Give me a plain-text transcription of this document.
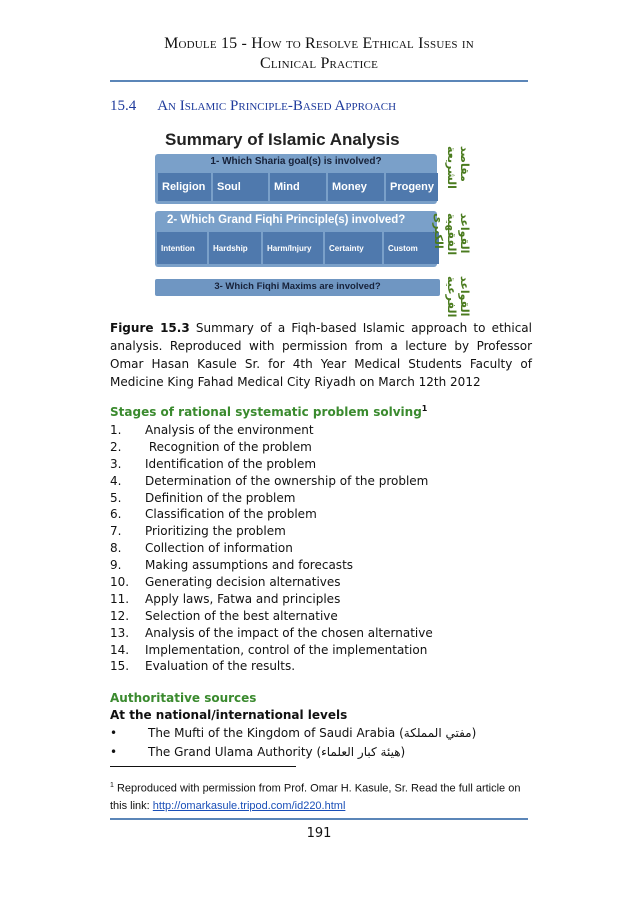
Module 15 - How to Resolve Ethical Issues in
Clinical Practice
15.4 An Islamic Principle-Based Approach
Summary of Islamic Analysis
1- Which Sharia goal(s) is involved?
Religion	Soul	Mind	Money	Progeny
مقاصد الشريعة
2- Which Grand Fiqhi Principle(s) involved?
Intention	Hardship	Harm/Injury	Certainty	Custom	القواعد الفقهية الكبرى
3- Which Fiqhi Maxims are involved?	القواعد الفرعية
Figure 15.3 Summary of a Fiqh-based Islamic approach to ethical analysis. Reproduced with permission from a lecture by Professor Omar Hasan Kasule Sr. for 4th Year Medical Students Faculty of Medicine King Fahad Medical City Riyadh on March 12th 2012
Stages of rational systematic problem solving$^1$
1.	Analysis of the environment
2.	Recognition of the problem
3.	Identification of the problem
4.	Determination of the ownership of the problem
5.	Definition of the problem
6.	Classification of the problem
7.	Prioritizing the problem
8.	Collection of information
9.	Making assumptions and forecasts
10.	Generating decision alternatives
11.	Apply laws, Fatwa and principles
12.	Selection of the best alternative
13.	Analysis of the impact of the chosen alternative
14.	Implementation, control of the implementation
15.	Evaluation of the results.
Authoritative sources
At the national/international levels
•	The Mufti of the Kingdom of Saudi Arabia (مفتي المملكة)
•	The Grand Ulama Authority (هيئة كبار العلماء)
$^1$ Reproduced with permission from Prof. Omar H. Kasule, Sr. Read the full article on this link: http://omarkasule.tripod.com/id220.html
191
